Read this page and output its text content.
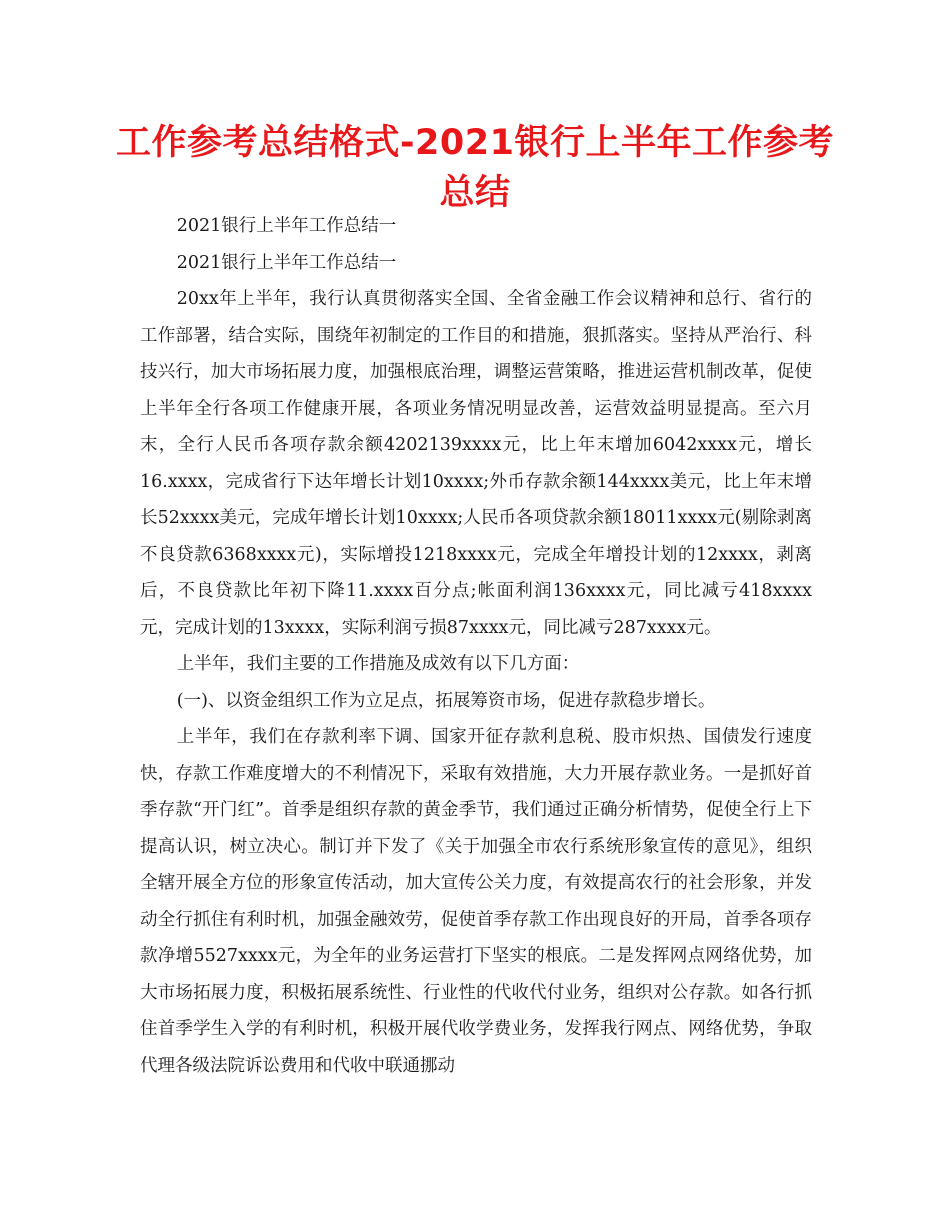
工作参考总结格式-2021银行上半年工作参考总结

2021银行上半年工作总结一

2021银行上半年工作总结一

20xx年上半年，我行认真贯彻落实全国、全省金融工作会议精神和总行、省行的工作部署，结合实际，围绕年初制定的工作目的和措施，狠抓落实。坚持从严治行、科技兴行，加大市场拓展力度，加强根底治理，调整运营策略，推进运营机制改革，促使上半年全行各项工作健康开展，各项业务情况明显改善，运营效益明显提高。至六月末，全行人民币各项存款余额4202139xxxx元，比上年末增加6042xxxx元，增长16.xxxx，完成省行下达年增长计划10xxxx;外币存款余额144xxxx美元，比上年末增长52xxxx美元，完成年增长计划10xxxx;人民币各项贷款余额18011xxxx元(剔除剥离不良贷款6368xxxx元)，实际增投1218xxxx元，完成全年增投计划的12xxxx，剥离后，不良贷款比年初下降11.xxxx百分点;帐面利润136xxxx元，同比减亏418xxxx元，完成计划的13xxxx，实际利润亏损87xxxx元，同比减亏287xxxx元。

上半年，我们主要的工作措施及成效有以下几方面：

(一)、以资金组织工作为立足点，拓展筹资市场，促进存款稳步增长。

上半年，我们在存款利率下调、国家开征存款利息税、股市炽热、国债发行速度快，存款工作难度增大的不利情况下，采取有效措施，大力开展存款业务。一是抓好首季存款“开门红”。首季是组织存款的黄金季节，我们通过正确分析情势，促使全行上下提高认识，树立决心。制订并下发了《关于加强全市农行系统形象宣传的意见》，组织全辖开展全方位的形象宣传活动，加大宣传公关力度，有效提高农行的社会形象，并发动全行抓住有利时机，加强金融效劳，促使首季存款工作出现良好的开局，首季各项存款净增5527xxxx元，为全年的业务运营打下坚实的根底。二是发挥网点网络优势，加大市场拓展力度，积极拓展系统性、行业性的代收代付业务，组织对公存款。如各行抓住首季学生入学的有利时机，积极开展代收学费业务，发挥我行网点、网络优势，争取代理各级法院诉讼费用和代收中联通挪动
